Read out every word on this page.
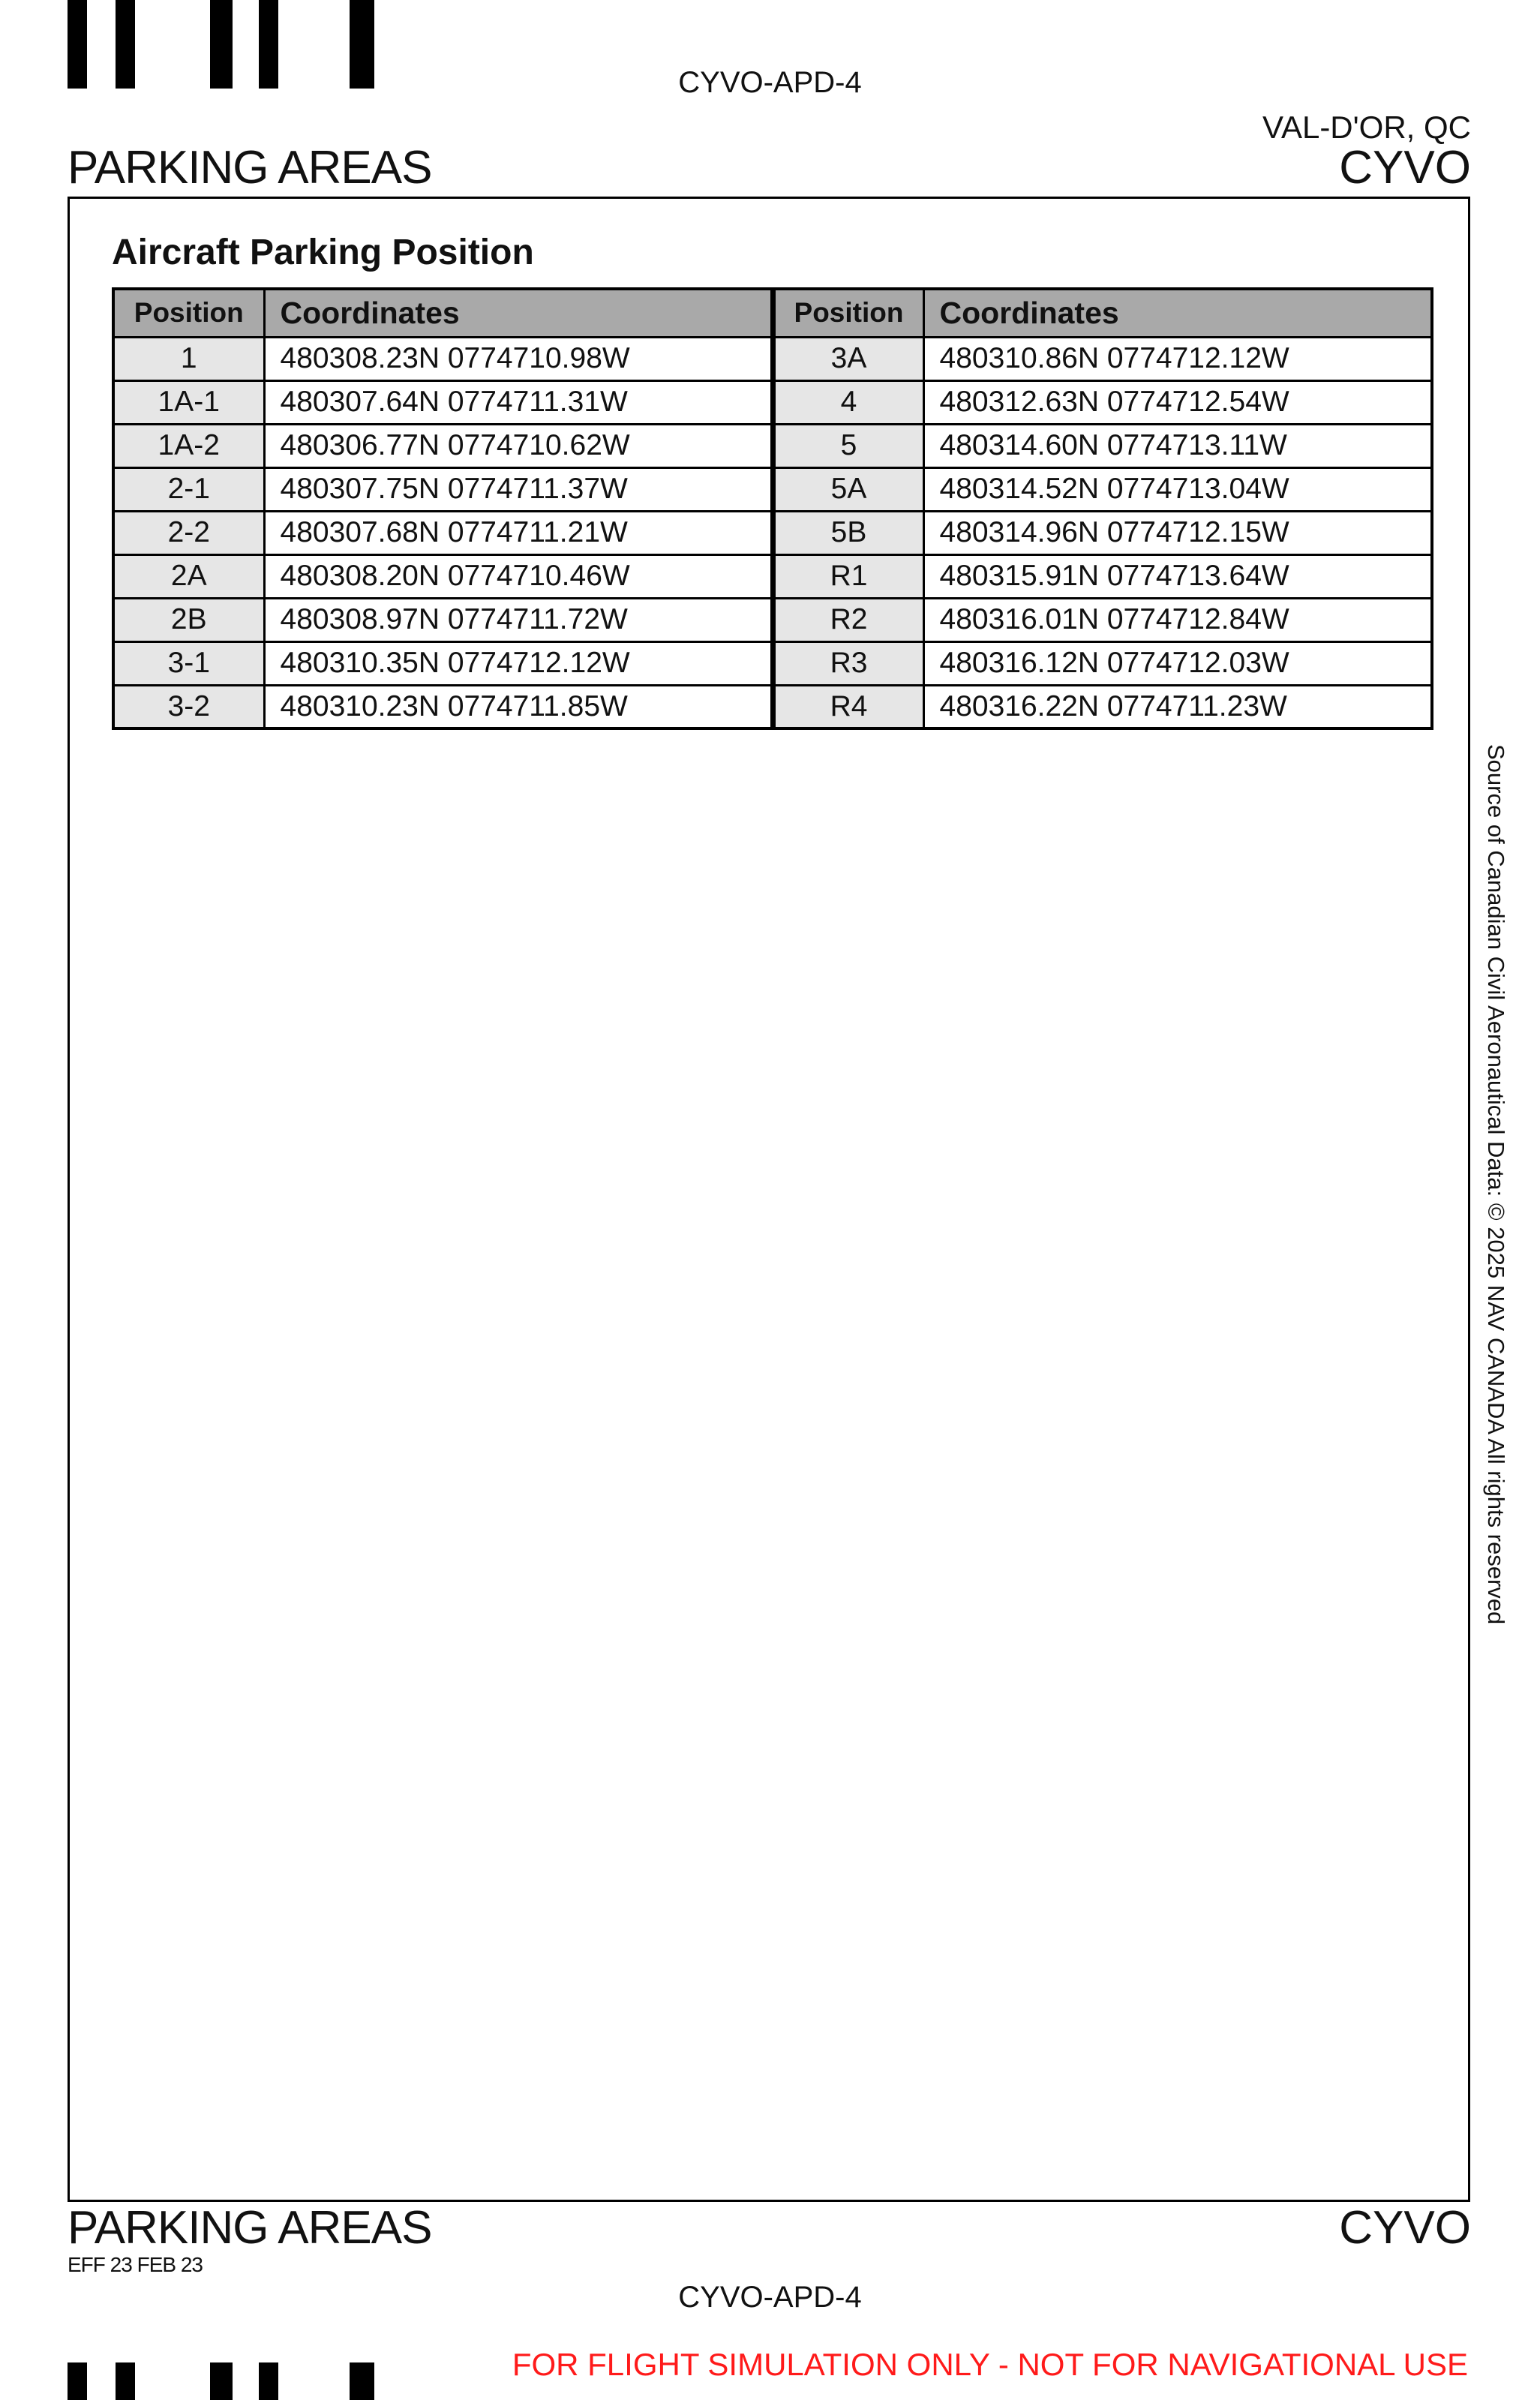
CYVO-APD-4
VAL-D'OR, QC
PARKING AREAS	CYVO
Aircraft Parking Position
Position	Coordinates	Position	Coordinates
1	480308.23N 0774710.98W	3A	480310.86N 0774712.12W
1A-1	480307.64N 0774711.31W	4	480312.63N 0774712.54W
1A-2	480306.77N 0774710.62W	5	480314.60N 0774713.11W
2-1	480307.75N 0774711.37W	5A	480314.52N 0774713.04W
2-2	480307.68N 0774711.21W	5B	480314.96N 0774712.15W
2A	480308.20N 0774710.46W	R1	480315.91N 0774713.64W
2B	480308.97N 0774711.72W	R2	480316.01N 0774712.84W
3-1	480310.35N 0774712.12W	R3	480316.12N 0774712.03W
3-2	480310.23N 0774711.85W	R4	480316.22N 0774711.23W
Source of Canadian Civil Aeronautical Data: © 2025 NAV CANADA All rights reserved
PARKING AREAS	CYVO
EFF 23 FEB 23
CYVO-APD-4
FOR FLIGHT SIMULATION ONLY - NOT FOR NAVIGATIONAL USE
